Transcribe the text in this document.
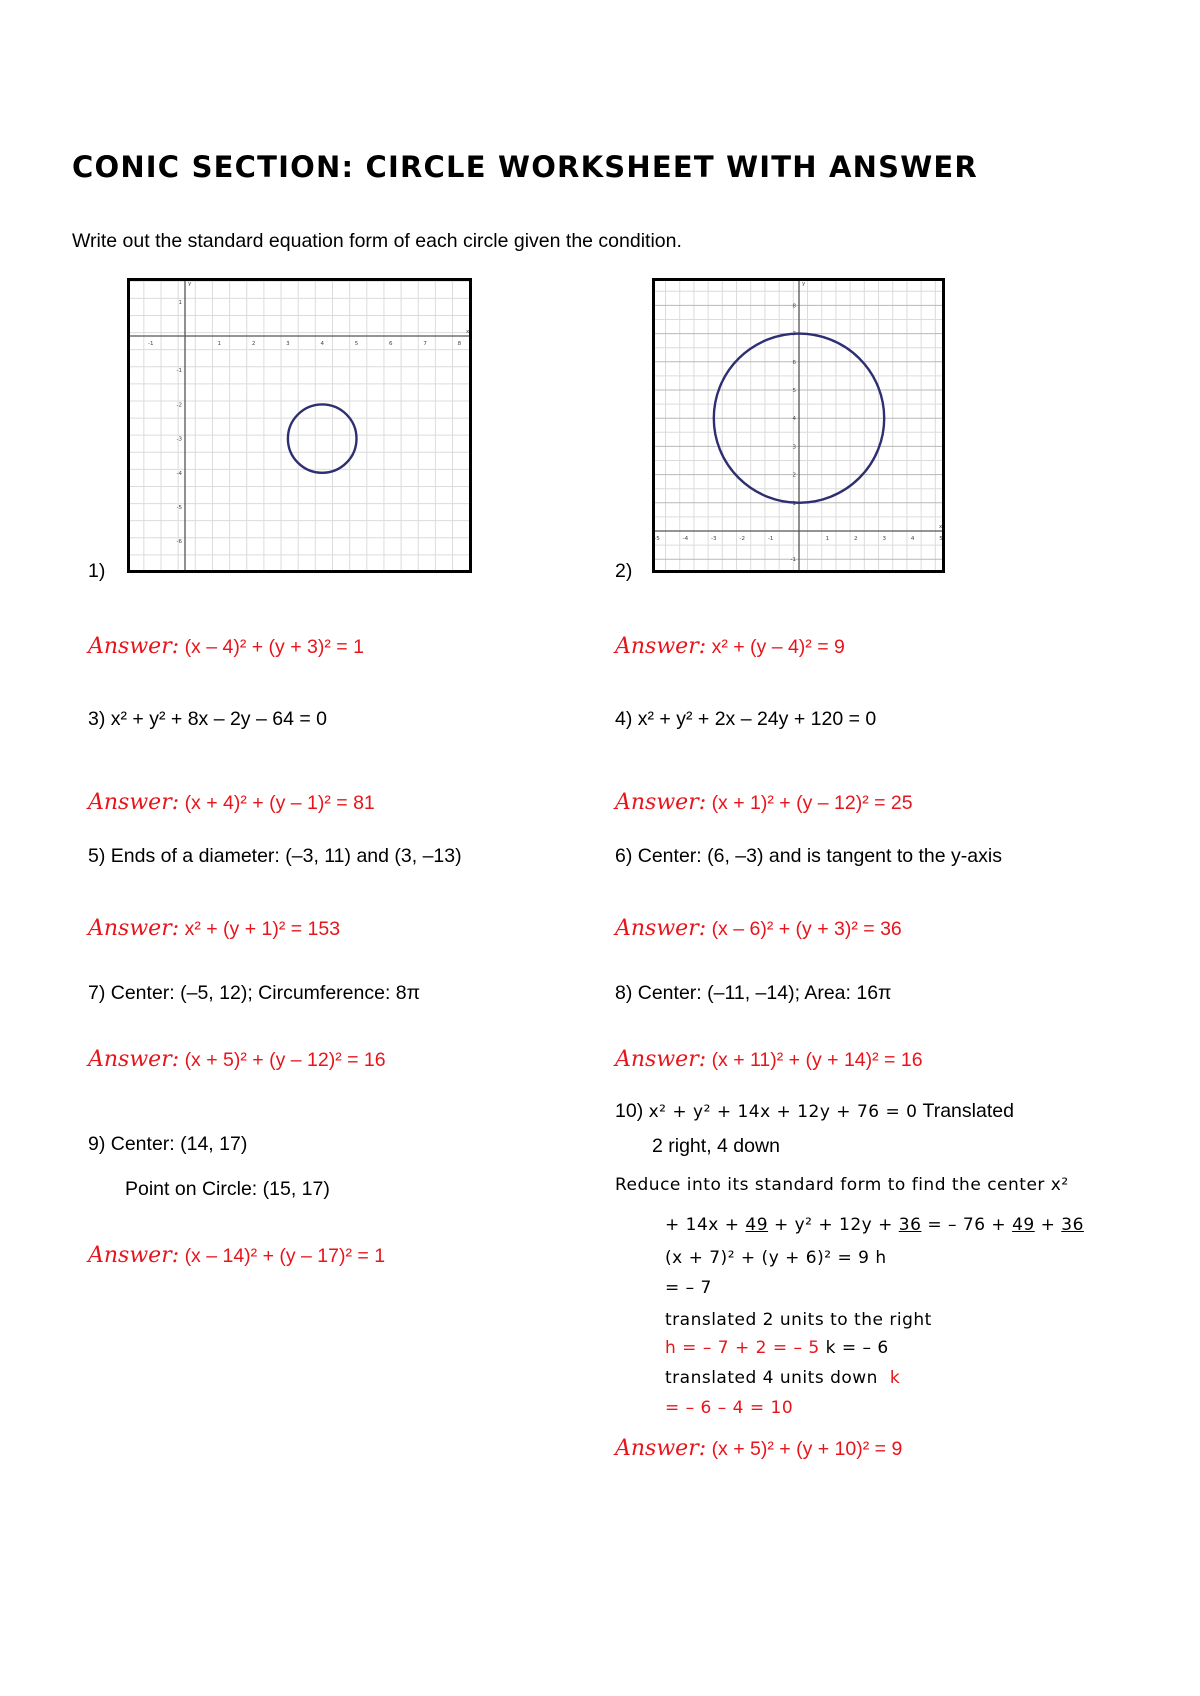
CONIC SECTION: CIRCLE WORKSHEET WITH ANSWER
Write out the standard equation form of each circle given the condition.
-1	1	2	3	4	5	6	7	8
1
-1
-2
-3
-4
-5
-6
x
y
-5	-4	-3	-2	-1	1	2	3	4	5
8
7
6
5
4
3
2
1
-1
x
y
1)	2)
Answer: (x – 4)² + (y + 3)² = 1	Answer: x² + (y – 4)² = 9
3) x² + y² + 8x – 2y – 64 = 0	4) x² + y² + 2x – 24y + 120 = 0
Answer: (x + 4)² + (y – 1)² = 81	Answer: (x + 1)² + (y – 12)² = 25
5) Ends of a diameter: (–3, 11) and (3, –13)	6) Center: (6, –3) and is tangent to the y-axis
Answer: x² + (y + 1)² = 153	Answer: (x – 6)² + (y + 3)² = 36
7) Center: (–5, 12); Circumference: 8π	8) Center: (–11, –14); Area: 16π
Answer: (x + 5)² + (y – 12)² = 16	Answer: (x + 11)² + (y + 14)² = 16
9) Center: (14, 17)
Point on Circle: (15, 17)
Answer: (x – 14)² + (y – 17)² = 1
10) x² + y² + 14x + 12y + 76 = 0 Translated
2 right, 4 down
Reduce into its standard form to find the center x²
+ 14x + 49 + y² + 12y + 36 = – 76 + 49 + 36
(x + 7)² + (y + 6)² = 9 h
= – 7
translated 2 units to the right
h = – 7 + 2 = – 5 k = – 6
translated 4 units down k
= – 6 – 4 = 10
Answer: (x + 5)² + (y + 10)² = 9
